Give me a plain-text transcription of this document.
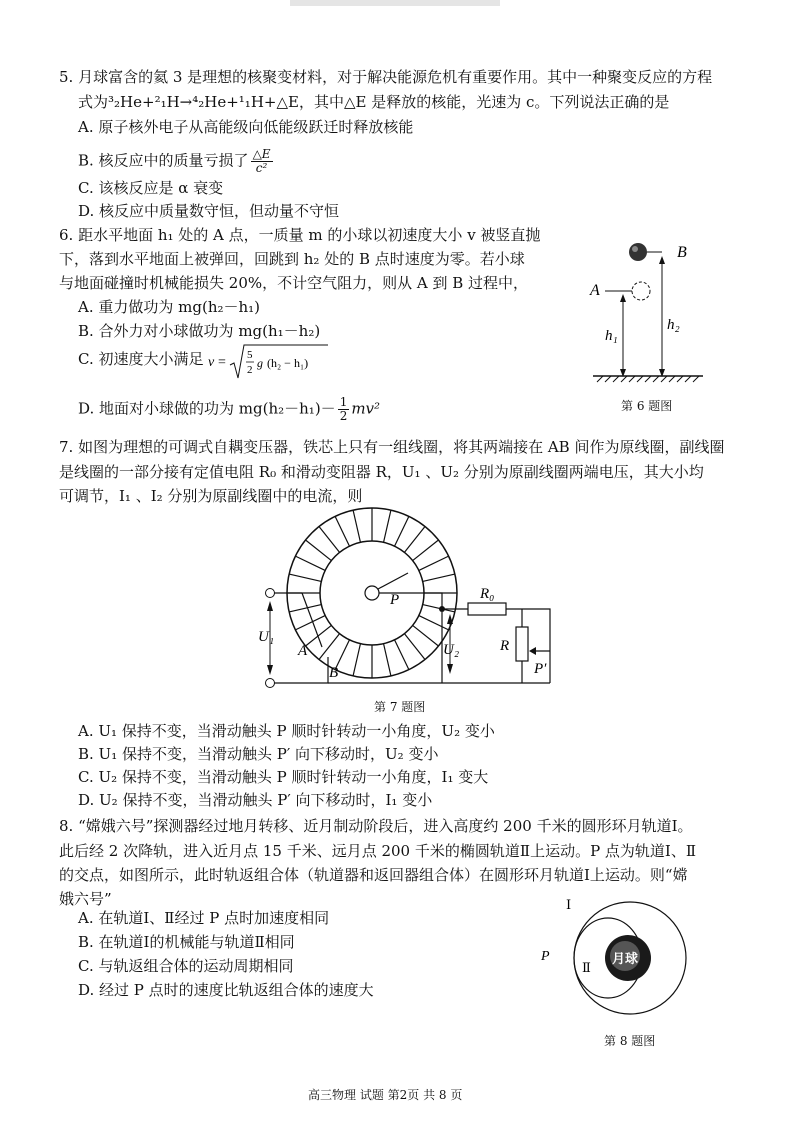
5. 月球富含的氦 3 是理想的核聚变材料，对于解决能源危机有重要作用。其中一种聚变反应的方程
式为³₂He+²₁H→⁴₂He+¹₁H+△E，其中△E 是释放的核能，光速为 c。下列说法正确的是
A. 原子核外电子从高能级向低能级跃迁时释放核能
B. 核反应中的质量亏损了 $\frac{\triangle E}{\text{c²}}$
C. 该核反应是 α 衰变
D. 核反应中质量数守恒，但动量不守恒
6. 距水平地面 h₁ 处的 A 点，一质量 m 的小球以初速度大小 v 被竖直抛
下，落到水平地面上被弹回，回跳到 h₂ 处的 B 点时速度为零。若小球
与地面碰撞时机械能损失 20%，不计空气阻力，则从 A 到 B 过程中，
A. 重力做功为 mg(h₂－h₁)
B. 合外力对小球做功为 mg(h₁－h₂)
C. 初速度大小满足 v = 5
2 g (h₂ − h₁)
D. 地面对小球做的功为 $mg(h_2-h_1)- \frac{1}{2} mv^2$
B
h₂
A
h₁
第 6 题图
7. 如图为理想的可调式自耦变压器，铁芯上只有一组线圈，将其两端接在 AB 间作为原线圈，副线圈
是线圈的一部分接有定值电阻 R₀ 和滑动变阻器 R，U₁ 、U₂ 分别为原副线圈两端电压，其大小均
可调节，I₁ 、I₂ 分别为原副线圈中的电流，则
P
A
B
U₁
U₂
R₀
R
P′
第 7 题图
A. U₁ 保持不变，当滑动触头 P 顺时针转动一小角度，U₂ 变小
B. U₁ 保持不变，当滑动触头 P′ 向下移动时，U₂ 变小
C. U₂ 保持不变，当滑动触头 P 顺时针转动一小角度，I₁ 变大
D. U₂ 保持不变，当滑动触头 P′ 向下移动时，I₁ 变小
8. “嫦娥六号”探测器经过地月转移、近月制动阶段后，进入高度约 200 千米的圆形环月轨道Ⅰ。
此后经 2 次降轨，进入近月点 15 千米、远月点 200 千米的椭圆轨道Ⅱ上运动。P 点为轨道Ⅰ、Ⅱ
的交点，如图所示，此时轨返组合体（轨道器和返回器组合体）在圆形环月轨道Ⅰ上运动。则“嫦
娥六号”
A. 在轨道Ⅰ、Ⅱ经过 P 点时加速度相同
B. 在轨道Ⅰ的机械能与轨道Ⅱ相同
C. 与轨返组合体的运动周期相同
D. 经过 P 点时的速度比轨返组合体的速度大
月球
Ⅰ
Ⅱ
P
第 8 题图
高三物理 试题 第2页 共 8 页
